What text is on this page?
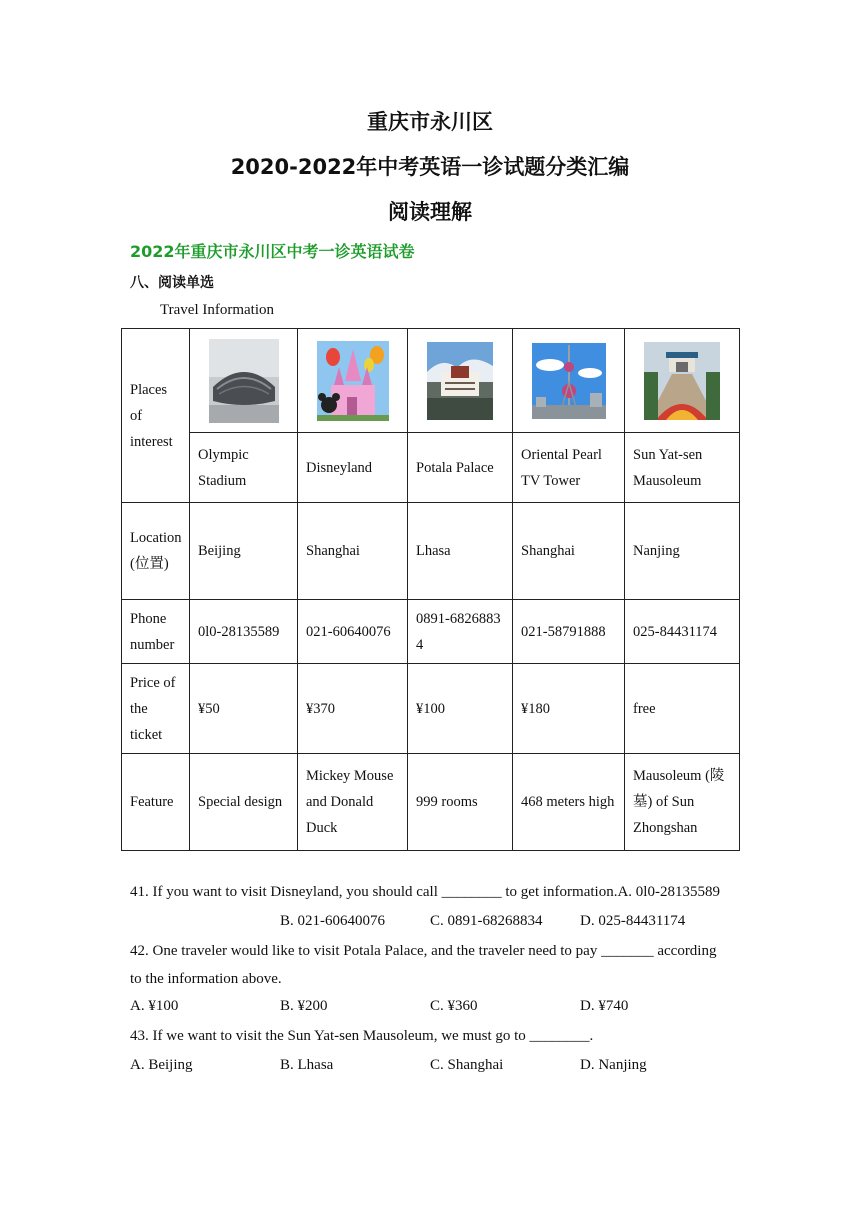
重庆市永川区
2020-2022年中考英语一诊试题分类汇编
阅读理解
2022年重庆市永川区中考一诊英语试卷
八、阅读单选
Travel Information
Places of interest					
	Olympic Stadium	Disneyland	Potala Palace	Oriental Pearl TV Tower	Sun Yat-sen Mausoleum
Location (位置)	Beijing	Shanghai	Lhasa	Shanghai	Nanjing
Phone number	0l0-28135589	021-60640076	0891-68268834	021-58791888	025-84431174
Price of the ticket	¥50	¥370	¥100	¥180	free
Feature	Special design	Mickey Mouse and Donald Duck	999 rooms	468 meters high	Mausoleum (陵墓) of Sun Zhongshan
41. If you want to visit Disneyland, you should call ________ to get information.A. 0l0-28135589
B. 021-60640076	C. 0891-68268834	D. 025-84431174
42. One traveler would like to visit Potala Palace, and the traveler need to pay _______ according
to the information above.
A. ¥100	B. ¥200	C. ¥360	D. ¥740
43. If we want to visit the Sun Yat-sen Mausoleum, we must go to ________.
A. Beijing	B. Lhasa	C. Shanghai	D. Nanjing
